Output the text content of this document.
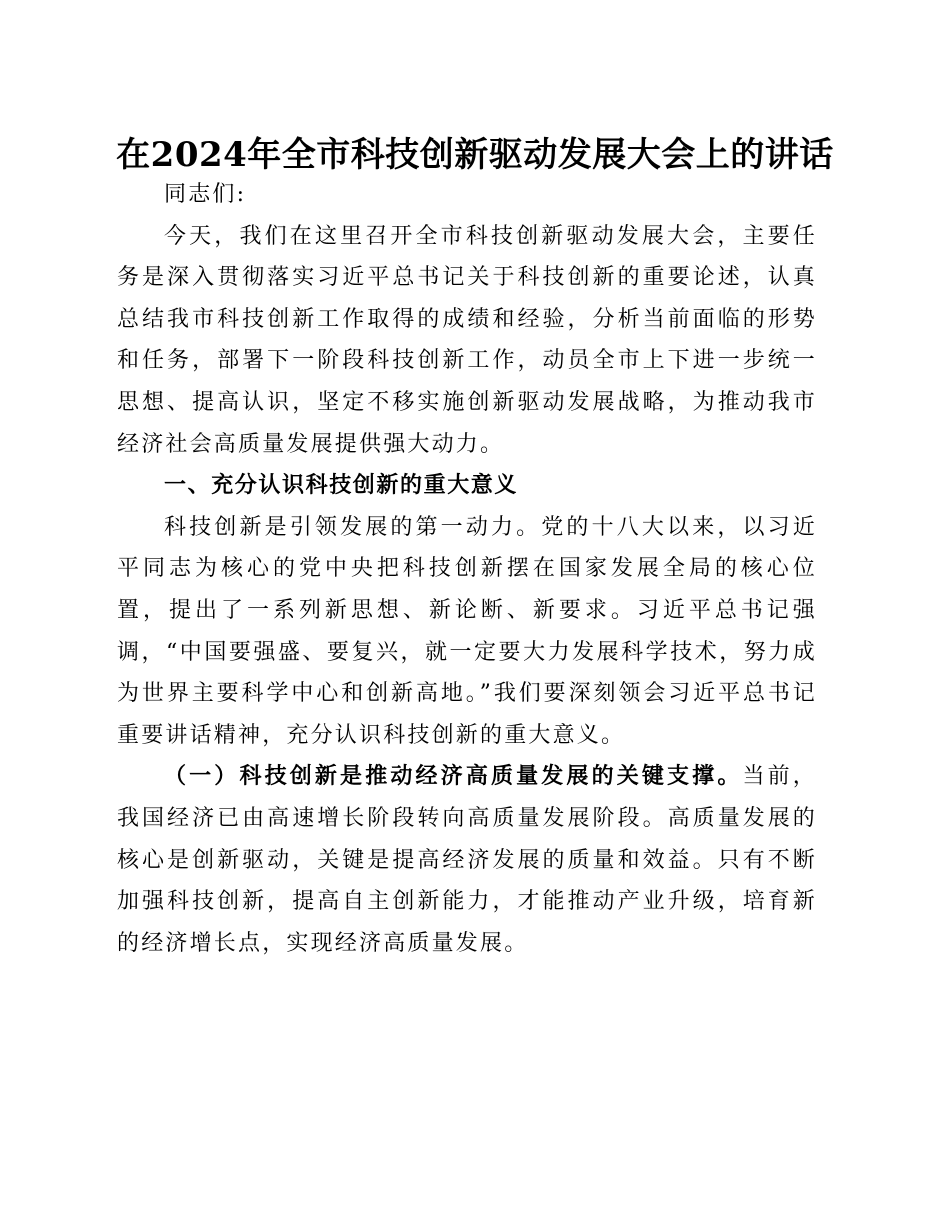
在2024年全市科技创新驱动发展大会上的讲话

同志们:

今天，我们在这里召开全市科技创新驱动发展大会，主要任务是深入贯彻落实习近平总书记关于科技创新的重要论述，认真总结我市科技创新工作取得的成绩和经验，分析当前面临的形势和任务，部署下一阶段科技创新工作，动员全市上下进一步统一思想、提高认识，坚定不移实施创新驱动发展战略，为推动我市经济社会高质量发展提供强大动力。

一、充分认识科技创新的重大意义

科技创新是引领发展的第一动力。党的十八大以来，以习近平同志为核心的党中央把科技创新摆在国家发展全局的核心位置，提出了一系列新思想、新论断、新要求。习近平总书记强调，“中国要强盛、要复兴，就一定要大力发展科学技术，努力成为世界主要科学中心和创新高地。”我们要深刻领会习近平总书记重要讲话精神，充分认识科技创新的重大意义。

（一）科技创新是推动经济高质量发展的关键支撑。当前，我国经济已由高速增长阶段转向高质量发展阶段。高质量发展的核心是创新驱动，关键是提高经济发展的质量和效益。只有不断加强科技创新，提高自主创新能力，才能推动产业升级，培育新的经济增长点，实现经济高质量发展。
